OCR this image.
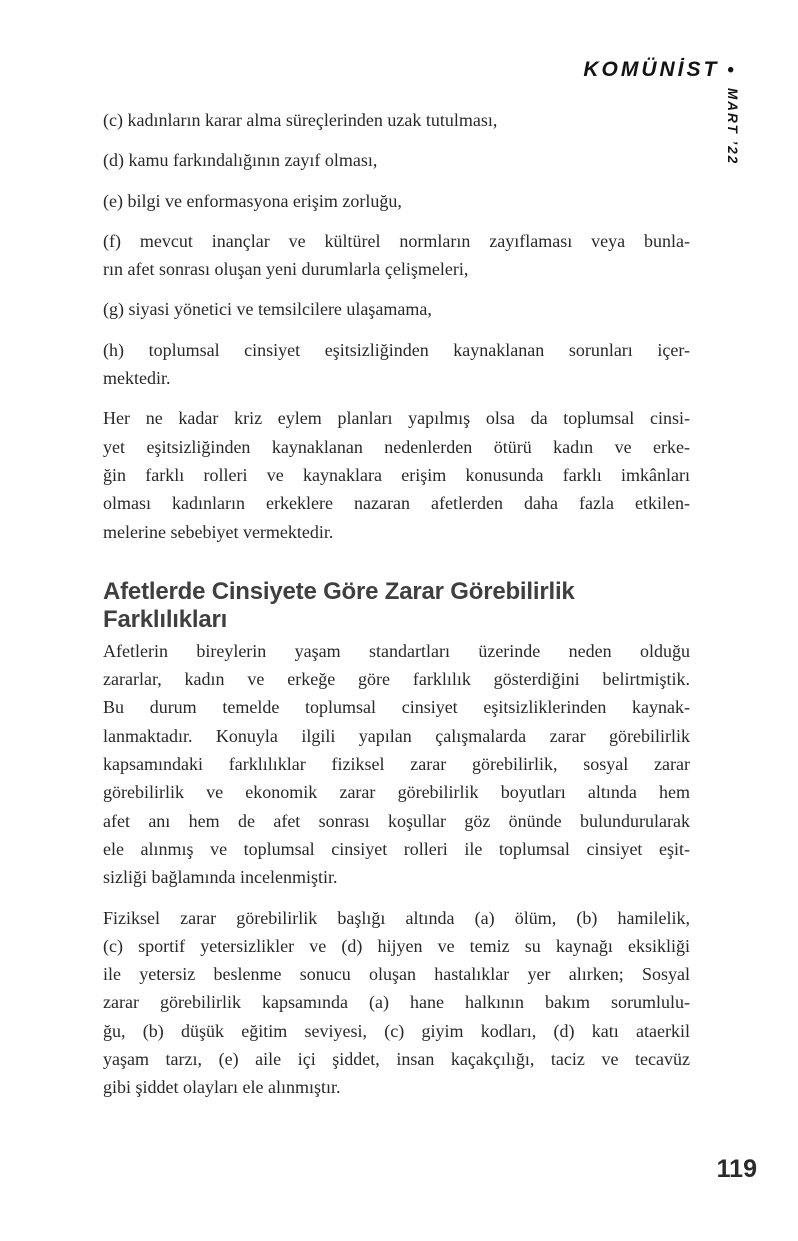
KOMÜNİST •
MART ’22
(c) kadınların karar alma süreçlerinden uzak tutulması,
(d) kamu farkındalığının zayıf olması,
(e) bilgi ve enformasyona erişim zorluğu,
(f) mevcut inançlar ve kültürel normların zayıflaması veya bunla-
rın afet sonrası oluşan yeni durumlarla çelişmeleri,
(g) siyasi yönetici ve temsilcilere ulaşamama,
(h) toplumsal cinsiyet eşitsizliğinden kaynaklanan sorunları içer-
mektedir.
Her ne kadar kriz eylem planları yapılmış olsa da toplumsal cinsi-
yet eşitsizliğinden kaynaklanan nedenlerden ötürü kadın ve erke-
ğin farklı rolleri ve kaynaklara erişim konusunda farklı imkânları
olması kadınların erkeklere nazaran afetlerden daha fazla etkilen-
melerine sebebiyet vermektedir.
Afetlerde Cinsiyete Göre Zarar Görebilirlik
Farklılıkları
Afetlerin bireylerin yaşam standartları üzerinde neden olduğu
zararlar, kadın ve erkeğe göre farklılık gösterdiğini belirtmiştik.
Bu durum temelde toplumsal cinsiyet eşitsizliklerinden kaynak-
lanmaktadır. Konuyla ilgili yapılan çalışmalarda zarar görebilirlik
kapsamındaki farklılıklar fiziksel zarar görebilirlik, sosyal zarar
görebilirlik ve ekonomik zarar görebilirlik boyutları altında hem
afet anı hem de afet sonrası koşullar göz önünde bulundurularak
ele alınmış ve toplumsal cinsiyet rolleri ile toplumsal cinsiyet eşit-
sizliği bağlamında incelenmiştir.
Fiziksel zarar görebilirlik başlığı altında (a) ölüm, (b) hamilelik,
(c) sportif yetersizlikler ve (d) hijyen ve temiz su kaynağı eksikliği
ile yetersiz beslenme sonucu oluşan hastalıklar yer alırken; Sosyal
zarar görebilirlik kapsamında (a) hane halkının bakım sorumlulu-
ğu, (b) düşük eğitim seviyesi, (c) giyim kodları, (d) katı ataerkil
yaşam tarzı, (e) aile içi şiddet, insan kaçakçılığı, taciz ve tecavüz
gibi şiddet olayları ele alınmıştır.
119
